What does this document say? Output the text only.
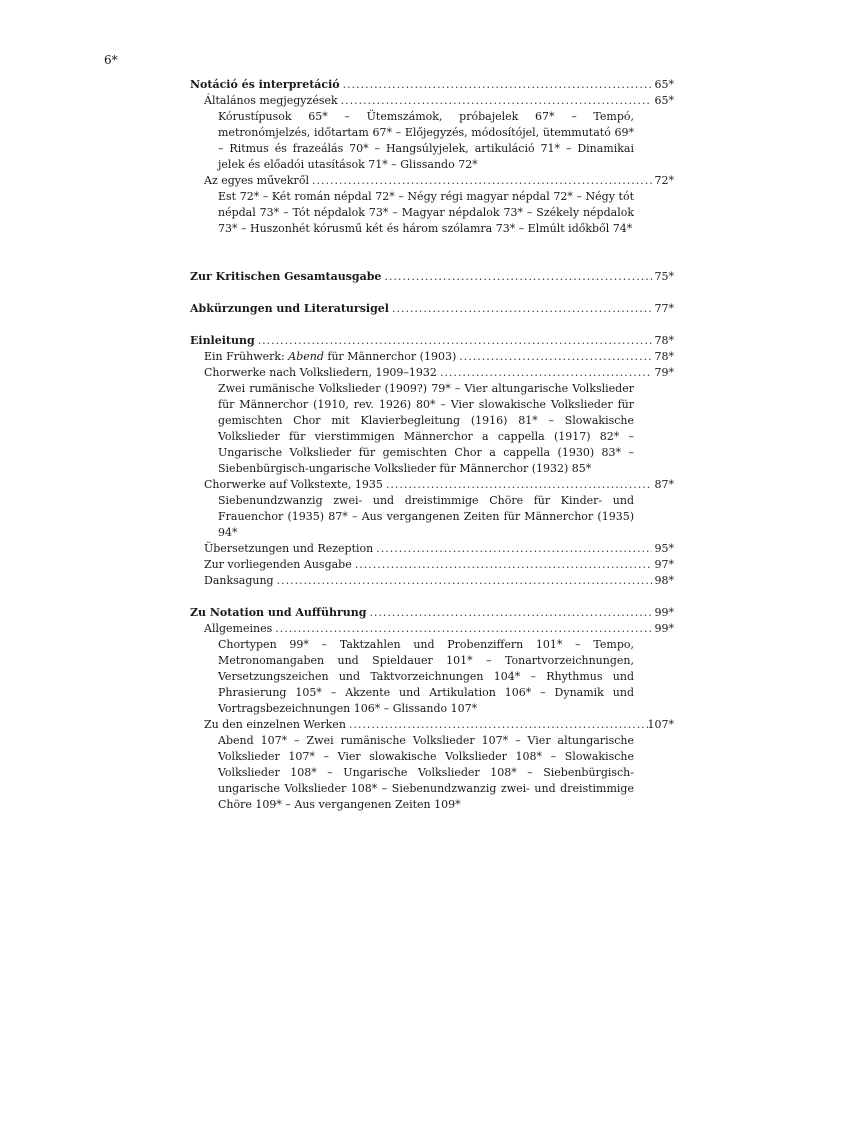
6*
Notáció és interpretáció .....	65*
Általános megjegyzések .....	65*
Kórustípusok 65* – Ütemszámok, próbajelek 67* – Tempó, metronómjelzés, időtartam 67* – Előjegyzés, módosítójel, ütemmutató 69* – Ritmus és frazeálás 70* – Hangsúlyjelek, artikuláció 71* – Dinamikai jelek és előadói utasítások 71* – Glissando 72*
Az egyes művekről .....	72*
Est 72* – Két román népdal 72* – Négy régi magyar népdal 72* – Négy tót népdal 73* – Tót népdalok 73* – Magyar népdalok 73* – Székely népdalok 73* – Huszonhét kórusmű két és három szólamra 73* – Elmúlt időkből 74*
Zur Kritischen Gesamtausgabe .....	75*
Abkürzungen und Literatursigel .....	77*
Einleitung .....	78*
Ein Frühwerk: Abend für Männerchor (1903) .....	78*
Chorwerke nach Volksliedern, 1909–1932 .....	79*
Zwei rumänische Volkslieder (1909?) 79* – Vier altungarische Volkslieder für Männerchor (1910, rev. 1926) 80* – Vier slowakische Volkslieder für gemischten Chor mit Klavierbegleitung (1916) 81* – Slowakische Volkslieder für vierstimmigen Männerchor a cappella (1917) 82* – Ungarische Volkslieder für gemischten Chor a cappella (1930) 83* – Siebenbürgisch-ungarische Volkslieder für Männerchor (1932) 85*
Chorwerke auf Volkstexte, 1935 .....	87*
Siebenundzwanzig zwei- und dreistimmige Chöre für Kinder- und Frauenchor (1935) 87* – Aus vergangenen Zeiten für Männerchor (1935) 94*
Übersetzungen und Rezeption .....	95*
Zur vorliegenden Ausgabe .....	97*
Danksagung .....	98*
Zu Notation und Aufführung .....	99*
Allgemeines .....	99*
Chortypen 99* – Taktzahlen und Probenziffern 101* – Tempo, Metronomangaben und Spieldauer 101* – Tonartvorzeichnungen, Versetzungszeichen und Taktvorzeichnungen 104* – Rhythmus und Phrasierung 105* – Akzente und Artikulation 106* – Dynamik und Vortragsbezeichnungen 106* – Glissando 107*
Zu den einzelnen Werken .....	107*
Abend 107* – Zwei rumänische Volkslieder 107* – Vier altungarische Volkslieder 107* – Vier slowakische Volkslieder 108* – Slowakische Volkslieder 108* – Ungarische Volkslieder 108* – Siebenbürgisch-ungarische Volkslieder 108* – Siebenundzwanzig zwei- und dreistimmige Chöre 109* – Aus vergangenen Zeiten 109*
